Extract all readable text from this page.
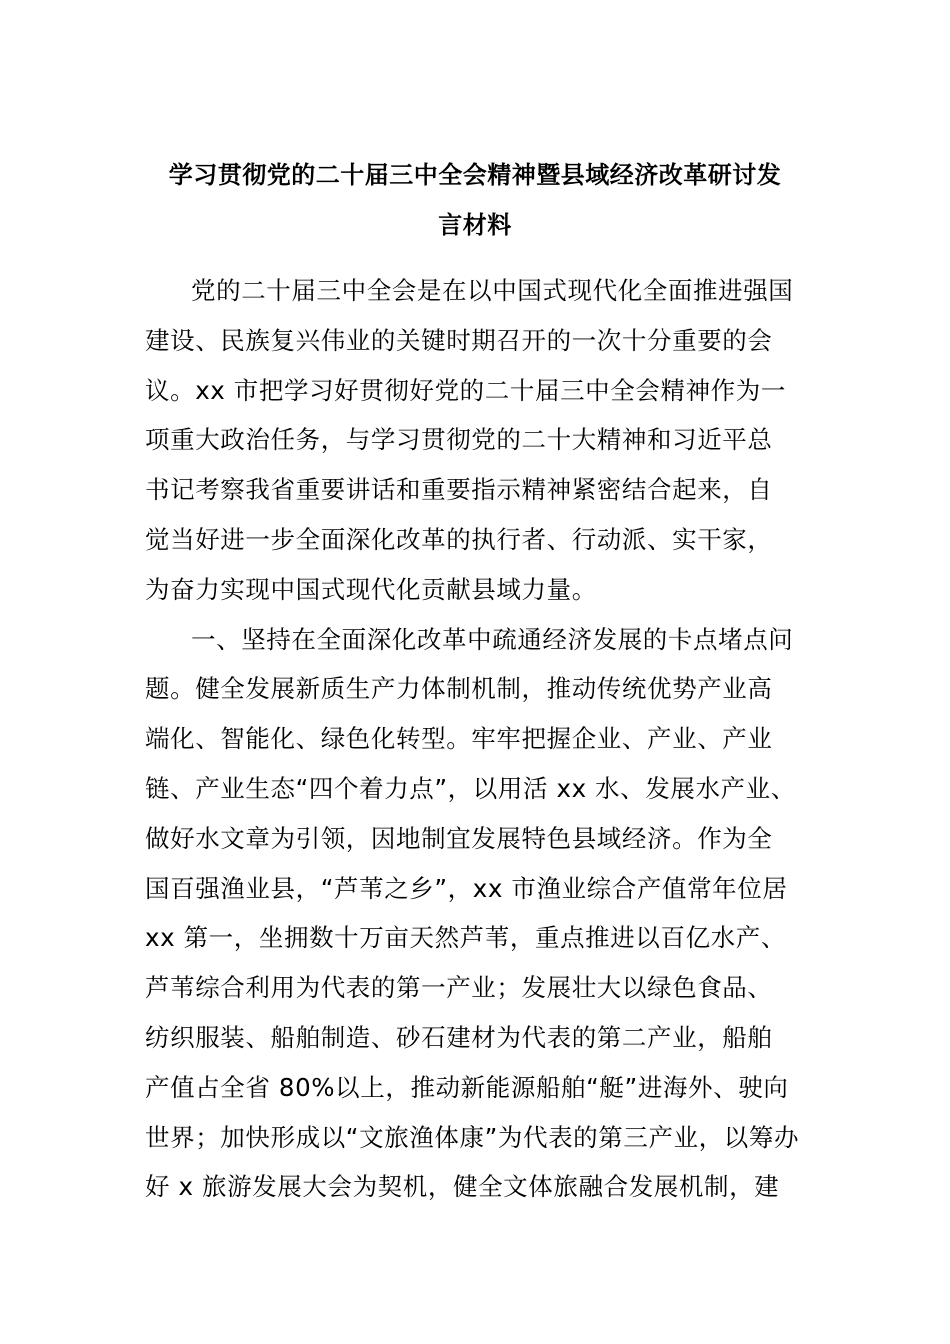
学习贯彻党的二十届三中全会精神暨县域经济改革研讨发
言材料
党的二十届三中全会是在以中国式现代化全面推进强国
建设、民族复兴伟业的关键时期召开的一次十分重要的会
议。xx 市把学习好贯彻好党的二十届三中全会精神作为一
项重大政治任务，与学习贯彻党的二十大精神和习近平总
书记考察我省重要讲话和重要指示精神紧密结合起来，自
觉当好进一步全面深化改革的执行者、行动派、实干家，
为奋力实现中国式现代化贡献县域力量。
一、坚持在全面深化改革中疏通经济发展的卡点堵点问
题。健全发展新质生产力体制机制，推动传统优势产业高
端化、智能化、绿色化转型。牢牢把握企业、产业、产业
链、产业生态“四个着力点”，以用活 xx 水、发展水产业、
做好水文章为引领，因地制宜发展特色县域经济。作为全
国百强渔业县，“芦苇之乡”，xx 市渔业综合产值常年位居
xx 第一，坐拥数十万亩天然芦苇，重点推进以百亿水产、
芦苇综合利用为代表的第一产业；发展壮大以绿色食品、
纺织服装、船舶制造、砂石建材为代表的第二产业，船舶
产值占全省 80%以上，推动新能源船舶“艇”进海外、驶向
世界；加快形成以“文旅渔体康”为代表的第三产业，以筹办
好 x 旅游发展大会为契机，健全文体旅融合发展机制，建
